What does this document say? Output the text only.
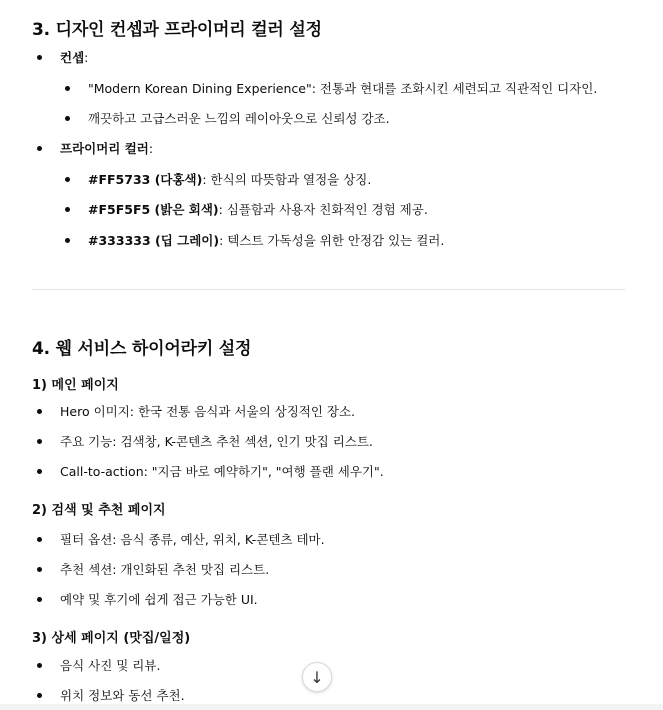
3. 디자인 컨셉과 프라이머리 컬러 설정
컨셉:
"Modern Korean Dining Experience": 전통과 현대를 조화시킨 세련되고 직관적인 디자인.
깨끗하고 고급스러운 느낌의 레이아웃으로 신뢰성 강조.
프라이머리 컬러:
#FF5733 (다홍색): 한식의 따뜻함과 열정을 상징.
#F5F5F5 (밝은 회색): 심플함과 사용자 친화적인 경험 제공.
#333333 (딥 그레이): 텍스트 가독성을 위한 안정감 있는 컬러.
4. 웹 서비스 하이어라키 설정
1) 메인 페이지
Hero 이미지: 한국 전통 음식과 서울의 상징적인 장소.
주요 기능: 검색창, K-콘텐츠 추천 섹션, 인기 맛집 리스트.
Call-to-action: "지금 바로 예약하기", "여행 플랜 세우기".
2) 검색 및 추천 페이지
필터 옵션: 음식 종류, 예산, 위치, K-콘텐츠 테마.
추천 섹션: 개인화된 추천 맛집 리스트.
예약 및 후기에 쉽게 접근 가능한 UI.
3) 상세 페이지 (맛집/일정)
음식 사진 및 리뷰.
위치 정보와 동선 추천.
↓
